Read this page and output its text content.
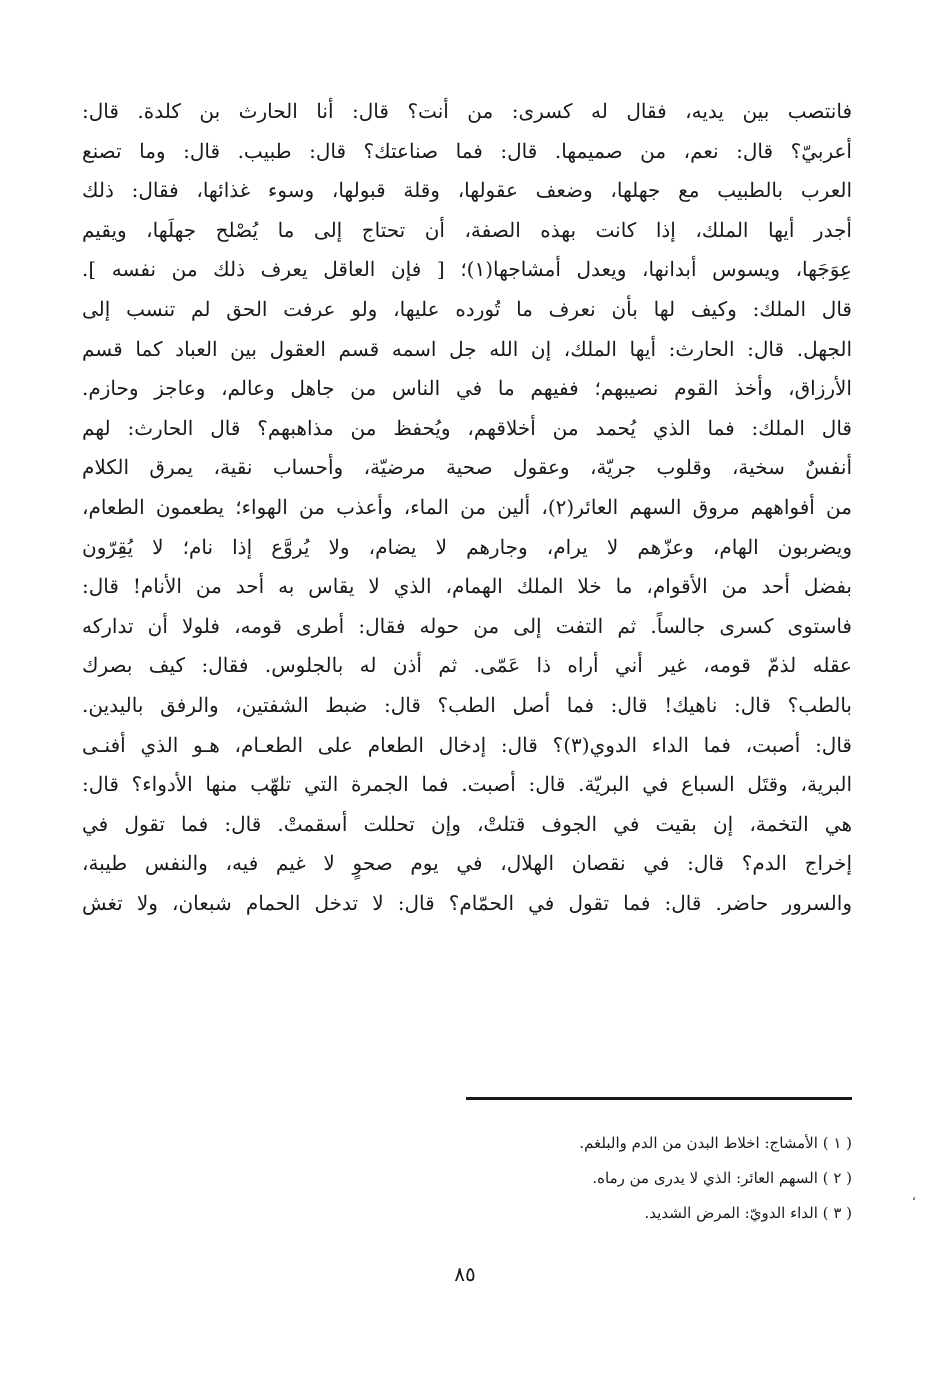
فانتصب بين يديه، فقال له كسرى: من أنت؟ قال: أنا الحارث بن كلدة. قال:
أعربيّ؟ قال: نعم، من صميمها. قال: فما صناعتك؟ قال: طبيب. قال: وما تصنع
العرب بالطبيب مع جهلها، وضعف عقولها، وقلة قبولها، وسوء غذائها، فقال: ذلك
أجدر أيها الملك، إذا كانت بهذه الصفة، أن تحتاج إلى ما يُصْلح جهلَها، ويقيم
عِوَجَها، ويسوس أبدانها، ويعدل أمشاجها(١)؛ [ فإن العاقل يعرف ذلك من نفسه ].
قال الملك: وكيف لها بأن نعرف ما تُورده عليها، ولو عرفت الحق لم تنسب إلى
الجهل. قال: الحارث: أيها الملك، إن الله جل اسمه قسم العقول بين العباد كما قسم
الأرزاق، وأخذ القوم نصيبهم؛ ففيهم ما في الناس من جاهل وعالم، وعاجز وحازم.
قال الملك: فما الذي يُحمد من أخلاقهم، ويُحفظ من مذاهبهم؟ قال الحارث: لهم
أنفسٌ سخية، وقلوب جريّة، وعقول صحية مرضيّة، وأحساب نقية، يمرق الكلام
من أفواههم مروق السهم العائر(٢)، ألين من الماء، وأعذب من الهواء؛ يطعمون الطعام،
ويضربون الهام، وعزّهم لا يرام، وجارهم لا يضام، ولا يُروَّع إذا نام؛ لا يُقِرّون
بفضل أحد من الأقوام، ما خلا الملك الهمام، الذي لا يقاس به أحد من الأنام! قال:
فاستوى كسرى جالساً. ثم التفت إلى من حوله فقال: أطرى قومه، فلولا أن تداركه
عقله لذمّ قومه، غير أني أراه ذا عَمّى. ثم أذن له بالجلوس. فقال: كيف بصرك
بالطب؟ قال: ناهيك! قال: فما أصل الطب؟ قال: ضبط الشفتين، والرفق باليدين.
قال: أصبت، فما الداء الدوي(٣)؟ قال: إدخال الطعام على الطعـام، هـو الذي أفنـى
البرية، وقتَل السباع في البريّة. قال: أصبت. فما الجمرة التي تلهّب منها الأدواء؟ قال:
هي التخمة، إن بقيت في الجوف قتلتْ، وإن تحللت أسقمتْ. قال: فما تقول في
إخراج الدم؟ قال: في نقصان الهلال، في يوم صحوٍ لا غيم فيه، والنفس طيبة،
والسرور حاضر. قال: فما تقول في الحمّام؟ قال: لا تدخل الحمام شبعان، ولا تغش
( ١ ) الأمشاج: اخلاط البدن من الدم والبلغم.
( ٢ ) السهم العائر: الذي لا يدرى من رماه.
( ٣ ) الداء الدويّ: المرض الشديد.
٨٥
،
